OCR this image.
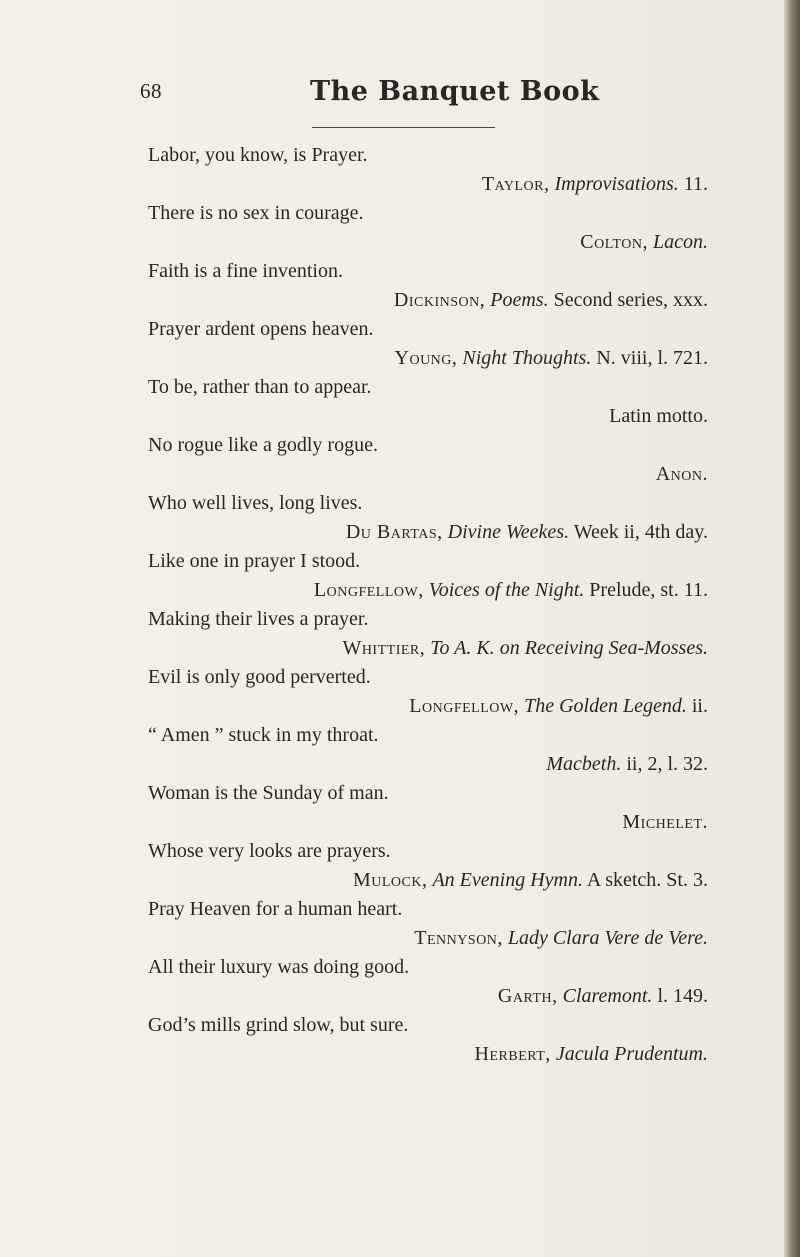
68	The Banquet Book
Labor, you know, is Prayer.
Taylor, Improvisations. 11.
There is no sex in courage.
Colton, Lacon.
Faith is a fine invention.
Dickinson, Poems. Second series, xxx.
Prayer ardent opens heaven.
Young, Night Thoughts. N. viii, l. 721.
To be, rather than to appear.
Latin motto.
No rogue like a godly rogue.
Anon.
Who well lives, long lives.
Du Bartas, Divine Weekes. Week ii, 4th day.
Like one in prayer I stood.
Longfellow, Voices of the Night. Prelude, st. 11.
Making their lives a prayer.
Whittier, To A. K. on Receiving Sea-Mosses.
Evil is only good perverted.
Longfellow, The Golden Legend. ii.
“ Amen ” stuck in my throat.
Macbeth. ii, 2, l. 32.
Woman is the Sunday of man.
Michelet.
Whose very looks are prayers.
Mulock, An Evening Hymn. A sketch. St. 3.
Pray Heaven for a human heart.
Tennyson, Lady Clara Vere de Vere.
All their luxury was doing good.
Garth, Claremont. l. 149.
God’s mills grind slow, but sure.
Herbert, Jacula Prudentum.
